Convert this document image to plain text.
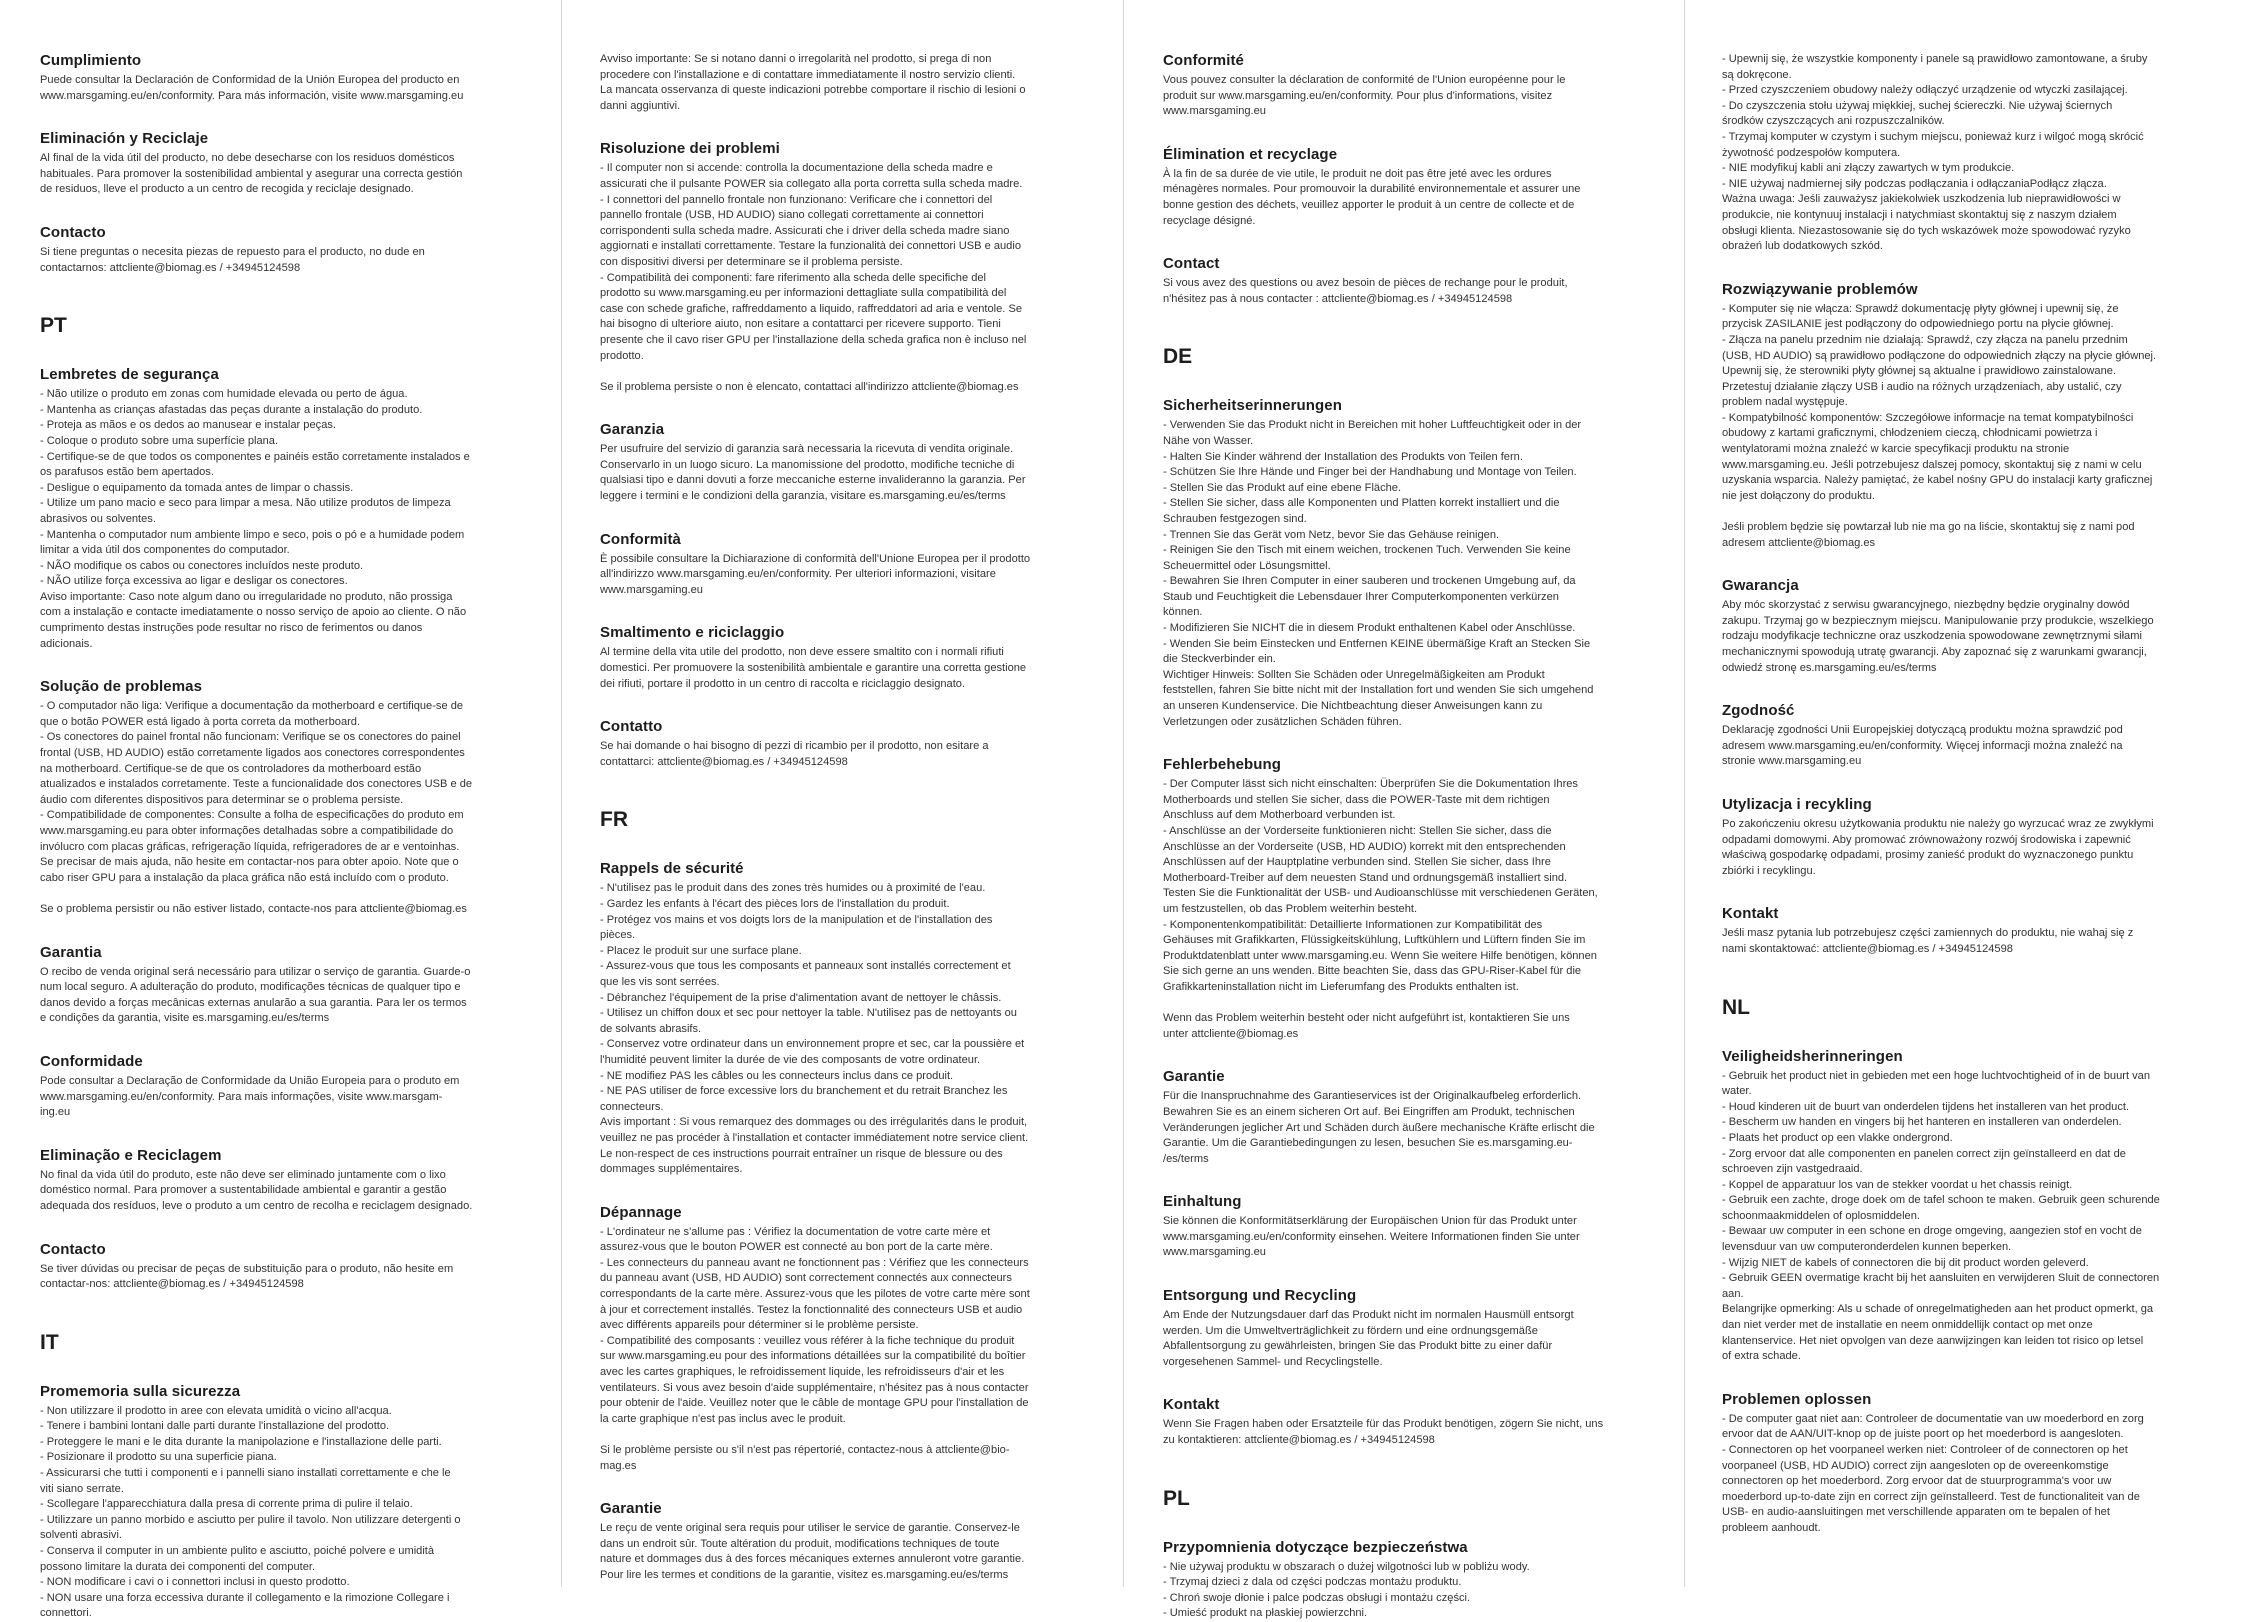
Cumplimiento
Puede consultar la Declaración de Conformidad de la Unión Europea del producto en
www.marsgaming.eu/en/conformity. Para más información, visite www.marsgaming.eu
Eliminación y Reciclaje
Al final de la vida útil del producto, no debe desecharse con los residuos domésticos
habituales. Para promover la sostenibilidad ambiental y asegurar una correcta gestión
de residuos, lleve el producto a un centro de recogida y reciclaje designado.
Contacto
Si tiene preguntas o necesita piezas de repuesto para el producto, no dude en
contactarnos: attcliente@biomag.es / +34945124598
PT
Lembretes de segurança
- Não utilize o produto em zonas com humidade elevada ou perto de água.
- Mantenha as crianças afastadas das peças durante a instalação do produto.
- Proteja as mãos e os dedos ao manusear e instalar peças.
- Coloque o produto sobre uma superfície plana.
- Certifique-se de que todos os componentes e painéis estão corretamente instalados e
os parafusos estão bem apertados.
- Desligue o equipamento da tomada antes de limpar o chassis.
- Utilize um pano macio e seco para limpar a mesa. Não utilize produtos de limpeza
abrasivos ou solventes.
- Mantenha o computador num ambiente limpo e seco, pois o pó e a humidade podem
limitar a vida útil dos componentes do computador.
- NÃO modifique os cabos ou conectores incluídos neste produto.
- NÃO utilize força excessiva ao ligar e desligar os conectores.
Aviso importante: Caso note algum dano ou irregularidade no produto, não prossiga
com a instalação e contacte imediatamente o nosso serviço de apoio ao cliente. O não
cumprimento destas instruções pode resultar no risco de ferimentos ou danos
adicionais.
Solução de problemas
- O computador não liga: Verifique a documentação da motherboard e certifique-se de
que o botão POWER está ligado à porta correta da motherboard.
- Os conectores do painel frontal não funcionam: Verifique se os conectores do painel
frontal (USB, HD AUDIO) estão corretamente ligados aos conectores correspondentes
na motherboard. Certifique-se de que os controladores da motherboard estão
atualizados e instalados corretamente. Teste a funcionalidade dos conectores USB e de
áudio com diferentes dispositivos para determinar se o problema persiste.
- Compatibilidade de componentes: Consulte a folha de especificações do produto em
www.marsgaming.eu para obter informações detalhadas sobre a compatibilidade do
invólucro com placas gráficas, refrigeração líquida, refrigeradores de ar e ventoinhas.
Se precisar de mais ajuda, não hesite em contactar-nos para obter apoio. Note que o
cabo riser GPU para a instalação da placa gráfica não está incluído com o produto.

Se o problema persistir ou não estiver listado, contacte-nos para attcliente@biomag.es
Garantia
O recibo de venda original será necessário para utilizar o serviço de garantia. Guarde-o
num local seguro. A adulteração do produto, modificações técnicas de qualquer tipo e
danos devido a forças mecânicas externas anularão a sua garantia. Para ler os termos
e condições da garantia, visite es.marsgaming.eu/es/terms
Conformidade
Pode consultar a Declaração de Conformidade da União Europeia para o produto em
www.marsgaming.eu/en/conformity. Para mais informações, visite www.marsgam-
ing.eu
Eliminação e Reciclagem
No final da vida útil do produto, este não deve ser eliminado juntamente com o lixo
doméstico normal. Para promover a sustentabilidade ambiental e garantir a gestão
adequada dos resíduos, leve o produto a um centro de recolha e reciclagem designado.
Contacto
Se tiver dúvidas ou precisar de peças de substituição para o produto, não hesite em
contactar-nos: attcliente@biomag.es / +34945124598
IT
Promemoria sulla sicurezza
- Non utilizzare il prodotto in aree con elevata umidità o vicino all'acqua.
- Tenere i bambini lontani dalle parti durante l'installazione del prodotto.
- Proteggere le mani e le dita durante la manipolazione e l'installazione delle parti.
- Posizionare il prodotto su una superficie piana.
- Assicurarsi che tutti i componenti e i pannelli siano installati correttamente e che le
viti siano serrate.
- Scollegare l'apparecchiatura dalla presa di corrente prima di pulire il telaio.
- Utilizzare un panno morbido e asciutto per pulire il tavolo. Non utilizzare detergenti o
solventi abrasivi.
- Conserva il computer in un ambiente pulito e asciutto, poiché polvere e umidità
possono limitare la durata dei componenti del computer.
- NON modificare i cavi o i connettori inclusi in questo prodotto.
- NON usare una forza eccessiva durante il collegamento e la rimozione Collegare i
connettori.
Avviso importante: Se si notano danni o irregolarità nel prodotto, si prega di non
procedere con l'installazione e di contattare immediatamente il nostro servizio clienti.
La mancata osservanza di queste indicazioni potrebbe comportare il rischio di lesioni o
danni aggiuntivi.
Risoluzione dei problemi
- Il computer non si accende: controlla la documentazione della scheda madre e
assicurati che il pulsante POWER sia collegato alla porta corretta sulla scheda madre.
- I connettori del pannello frontale non funzionano: Verificare che i connettori del
pannello frontale (USB, HD AUDIO) siano collegati correttamente ai connettori
corrispondenti sulla scheda madre. Assicurati che i driver della scheda madre siano
aggiornati e installati correttamente. Testare la funzionalità dei connettori USB e audio
con dispositivi diversi per determinare se il problema persiste.
- Compatibilità dei componenti: fare riferimento alla scheda delle specifiche del
prodotto su www.marsgaming.eu per informazioni dettagliate sulla compatibilità del
case con schede grafiche, raffreddamento a liquido, raffreddatori ad aria e ventole. Se
hai bisogno di ulteriore aiuto, non esitare a contattarci per ricevere supporto. Tieni
presente che il cavo riser GPU per l'installazione della scheda grafica non è incluso nel
prodotto.

Se il problema persiste o non è elencato, contattaci all'indirizzo attcliente@biomag.es
Garanzia
Per usufruire del servizio di garanzia sarà necessaria la ricevuta di vendita originale.
Conservarlo in un luogo sicuro. La manomissione del prodotto, modifiche tecniche di
qualsiasi tipo e danni dovuti a forze meccaniche esterne invalideranno la garanzia. Per
leggere i termini e le condizioni della garanzia, visitare es.marsgaming.eu/es/terms
Conformità
È possibile consultare la Dichiarazione di conformità dell'Unione Europea per il prodotto
all'indirizzo www.marsgaming.eu/en/conformity. Per ulteriori informazioni, visitare
www.marsgaming.eu
Smaltimento e riciclaggio
Al termine della vita utile del prodotto, non deve essere smaltito con i normali rifiuti
domestici. Per promuovere la sostenibilità ambientale e garantire una corretta gestione
dei rifiuti, portare il prodotto in un centro di raccolta e riciclaggio designato.
Contatto
Se hai domande o hai bisogno di pezzi di ricambio per il prodotto, non esitare a
contattarci: attcliente@biomag.es / +34945124598
FR
Rappels de sécurité
- N'utilisez pas le produit dans des zones très humides ou à proximité de l'eau.
- Gardez les enfants à l'écart des pièces lors de l'installation du produit.
- Protégez vos mains et vos doigts lors de la manipulation et de l'installation des
pièces.
- Placez le produit sur une surface plane.
- Assurez-vous que tous les composants et panneaux sont installés correctement et
que les vis sont serrées.
- Débranchez l'équipement de la prise d'alimentation avant de nettoyer le châssis.
- Utilisez un chiffon doux et sec pour nettoyer la table. N'utilisez pas de nettoyants ou
de solvants abrasifs.
- Conservez votre ordinateur dans un environnement propre et sec, car la poussière et
l'humidité peuvent limiter la durée de vie des composants de votre ordinateur.
- NE modifiez PAS les câbles ou les connecteurs inclus dans ce produit.
- NE PAS utiliser de force excessive lors du branchement et du retrait Branchez les
connecteurs.
Avis important : Si vous remarquez des dommages ou des irrégularités dans le produit,
veuillez ne pas procéder à l'installation et contacter immédiatement notre service client.
Le non-respect de ces instructions pourrait entraîner un risque de blessure ou des
dommages supplémentaires.
Dépannage
- L'ordinateur ne s'allume pas : Vérifiez la documentation de votre carte mère et
assurez-vous que le bouton POWER est connecté au bon port de la carte mère.
- Les connecteurs du panneau avant ne fonctionnent pas : Vérifiez que les connecteurs
du panneau avant (USB, HD AUDIO) sont correctement connectés aux connecteurs
correspondants de la carte mère. Assurez-vous que les pilotes de votre carte mère sont
à jour et correctement installés. Testez la fonctionnalité des connecteurs USB et audio
avec différents appareils pour déterminer si le problème persiste.
- Compatibilité des composants : veuillez vous référer à la fiche technique du produit
sur www.marsgaming.eu pour des informations détaillées sur la compatibilité du boîtier
avec les cartes graphiques, le refroidissement liquide, les refroidisseurs d'air et les
ventilateurs. Si vous avez besoin d'aide supplémentaire, n'hésitez pas à nous contacter
pour obtenir de l'aide. Veuillez noter que le câble de montage GPU pour l'installation de
la carte graphique n'est pas inclus avec le produit.

Si le problème persiste ou s'il n'est pas répertorié, contactez-nous à attcliente@bio-
mag.es
Garantie
Le reçu de vente original sera requis pour utiliser le service de garantie. Conservez-le
dans un endroit sûr. Toute altération du produit, modifications techniques de toute
nature et dommages dus à des forces mécaniques externes annuleront votre garantie.
Pour lire les termes et conditions de la garantie, visitez es.marsgaming.eu/es/terms
Conformité
Vous pouvez consulter la déclaration de conformité de l'Union européenne pour le
produit sur www.marsgaming.eu/en/conformity. Pour plus d'informations, visitez
www.marsgaming.eu
Élimination et recyclage
À la fin de sa durée de vie utile, le produit ne doit pas être jeté avec les ordures
ménagères normales. Pour promouvoir la durabilité environnementale et assurer une
bonne gestion des déchets, veuillez apporter le produit à un centre de collecte et de
recyclage désigné.
Contact
Si vous avez des questions ou avez besoin de pièces de rechange pour le produit,
n'hésitez pas à nous contacter : attcliente@biomag.es / +34945124598
DE
Sicherheitserinnerungen
- Verwenden Sie das Produkt nicht in Bereichen mit hoher Luftfeuchtigkeit oder in der
Nähe von Wasser.
- Halten Sie Kinder während der Installation des Produkts von Teilen fern.
- Schützen Sie Ihre Hände und Finger bei der Handhabung und Montage von Teilen.
- Stellen Sie das Produkt auf eine ebene Fläche.
- Stellen Sie sicher, dass alle Komponenten und Platten korrekt installiert und die
Schrauben festgezogen sind.
- Trennen Sie das Gerät vom Netz, bevor Sie das Gehäuse reinigen.
- Reinigen Sie den Tisch mit einem weichen, trockenen Tuch. Verwenden Sie keine
Scheuermittel oder Lösungsmittel.
- Bewahren Sie Ihren Computer in einer sauberen und trockenen Umgebung auf, da
Staub und Feuchtigkeit die Lebensdauer Ihrer Computerkomponenten verkürzen
können.
- Modifizieren Sie NICHT die in diesem Produkt enthaltenen Kabel oder Anschlüsse.
- Wenden Sie beim Einstecken und Entfernen KEINE übermäßige Kraft an Stecken Sie
die Steckverbinder ein.
Wichtiger Hinweis: Sollten Sie Schäden oder Unregelmäßigkeiten am Produkt
feststellen, fahren Sie bitte nicht mit der Installation fort und wenden Sie sich umgehend
an unseren Kundenservice. Die Nichtbeachtung dieser Anweisungen kann zu
Verletzungen oder zusätzlichen Schäden führen.
Fehlerbehebung
- Der Computer lässt sich nicht einschalten: Überprüfen Sie die Dokumentation Ihres
Motherboards und stellen Sie sicher, dass die POWER-Taste mit dem richtigen
Anschluss auf dem Motherboard verbunden ist.
- Anschlüsse an der Vorderseite funktionieren nicht: Stellen Sie sicher, dass die
Anschlüsse an der Vorderseite (USB, HD AUDIO) korrekt mit den entsprechenden
Anschlüssen auf der Hauptplatine verbunden sind. Stellen Sie sicher, dass Ihre
Motherboard-Treiber auf dem neuesten Stand und ordnungsgemäß installiert sind.
Testen Sie die Funktionalität der USB- und Audioanschlüsse mit verschiedenen Geräten,
um festzustellen, ob das Problem weiterhin besteht.
- Komponentenkompatibilität: Detaillierte Informationen zur Kompatibilität des
Gehäuses mit Grafikkarten, Flüssigkeitskühlung, Luftkühlern und Lüftern finden Sie im
Produktdatenblatt unter www.marsgaming.eu. Wenn Sie weitere Hilfe benötigen, können
Sie sich gerne an uns wenden. Bitte beachten Sie, dass das GPU-Riser-Kabel für die
Grafikkarteninstallation nicht im Lieferumfang des Produkts enthalten ist.

Wenn das Problem weiterhin besteht oder nicht aufgeführt ist, kontaktieren Sie uns
unter attcliente@biomag.es
Garantie
Für die Inanspruchnahme des Garantieservices ist der Originalkaufbeleg erforderlich.
Bewahren Sie es an einem sicheren Ort auf. Bei Eingriffen am Produkt, technischen
Veränderungen jeglicher Art und Schäden durch äußere mechanische Kräfte erlischt die
Garantie. Um die Garantiebedingungen zu lesen, besuchen Sie es.marsgaming.eu-
/es/terms
Einhaltung
Sie können die Konformitätserklärung der Europäischen Union für das Produkt unter
www.marsgaming.eu/en/conformity einsehen. Weitere Informationen finden Sie unter
www.marsgaming.eu
Entsorgung und Recycling
Am Ende der Nutzungsdauer darf das Produkt nicht im normalen Hausmüll entsorgt
werden. Um die Umweltverträglichkeit zu fördern und eine ordnungsgemäße
Abfallentsorgung zu gewährleisten, bringen Sie das Produkt bitte zu einer dafür
vorgesehenen Sammel- und Recyclingstelle.
Kontakt
Wenn Sie Fragen haben oder Ersatzteile für das Produkt benötigen, zögern Sie nicht, uns
zu kontaktieren: attcliente@biomag.es / +34945124598
PL
Przypomnienia dotyczące bezpieczeństwa
- Nie używaj produktu w obszarach o dużej wilgotności lub w pobliżu wody.
- Trzymaj dzieci z dala od części podczas montażu produktu.
- Chroń swoje dłonie i palce podczas obsługi i montażu części.
- Umieść produkt na płaskiej powierzchni.
- Upewnij się, że wszystkie komponenty i panele są prawidłowo zamontowane, a śruby
są dokręcone.
- Przed czyszczeniem obudowy należy odłączyć urządzenie od wtyczki zasilającej.
- Do czyszczenia stołu używaj miękkiej, suchej ściereczki. Nie używaj ściernych
środków czyszczących ani rozpuszczalników.
- Trzymaj komputer w czystym i suchym miejscu, ponieważ kurz i wilgoć mogą skrócić
żywotność podzespołów komputera.
- NIE modyfikuj kabli ani złączy zawartych w tym produkcie.
- NIE używaj nadmiernej siły podczas podłączania i odłączaniaPodłącz złącza.
Ważna uwaga: Jeśli zauważysz jakiekolwiek uszkodzenia lub nieprawidłowości w
produkcie, nie kontynuuj instalacji i natychmiast skontaktuj się z naszym działem
obsługi klienta. Niezastosowanie się do tych wskazówek może spowodować ryzyko
obrażeń lub dodatkowych szkód.
Rozwiązywanie problemów
- Komputer się nie włącza: Sprawdź dokumentację płyty głównej i upewnij się, że
przycisk ZASILANIE jest podłączony do odpowiedniego portu na płycie głównej.
- Złącza na panelu przednim nie działają: Sprawdź, czy złącza na panelu przednim
(USB, HD AUDIO) są prawidłowo podłączone do odpowiednich złączy na płycie głównej.
Upewnij się, że sterowniki płyty głównej są aktualne i prawidłowo zainstalowane.
Przetestuj działanie złączy USB i audio na różnych urządzeniach, aby ustalić, czy
problem nadal występuje.
- Kompatybilność komponentów: Szczegółowe informacje na temat kompatybilności
obudowy z kartami graficznymi, chłodzeniem cieczą, chłodnicami powietrza i
wentylatorami można znaleźć w karcie specyfikacji produktu na stronie
www.marsgaming.eu. Jeśli potrzebujesz dalszej pomocy, skontaktuj się z nami w celu
uzyskania wsparcia. Należy pamiętać, że kabel nośny GPU do instalacji karty graficznej
nie jest dołączony do produktu.

Jeśli problem będzie się powtarzał lub nie ma go na liście, skontaktuj się z nami pod
adresem attcliente@biomag.es
Gwarancja
Aby móc skorzystać z serwisu gwarancyjnego, niezbędny będzie oryginalny dowód
zakupu. Trzymaj go w bezpiecznym miejscu. Manipulowanie przy produkcie, wszelkiego
rodzaju modyfikacje techniczne oraz uszkodzenia spowodowane zewnętrznymi siłami
mechanicznymi spowodują utratę gwarancji. Aby zapoznać się z warunkami gwarancji,
odwiedź stronę es.marsgaming.eu/es/terms
Zgodność
Deklarację zgodności Unii Europejskiej dotyczącą produktu można sprawdzić pod
adresem www.marsgaming.eu/en/conformity. Więcej informacji można znaleźć na
stronie www.marsgaming.eu
Utylizacja i recykling
Po zakończeniu okresu użytkowania produktu nie należy go wyrzucać wraz ze zwykłymi
odpadami domowymi. Aby promować zrównoważony rozwój środowiska i zapewnić
właściwą gospodarkę odpadami, prosimy zanieść produkt do wyznaczonego punktu
zbiórki i recyklingu.
Kontakt
Jeśli masz pytania lub potrzebujesz części zamiennych do produktu, nie wahaj się z
nami skontaktować: attcliente@biomag.es / +34945124598
NL
Veiligheidsherinneringen
- Gebruik het product niet in gebieden met een hoge luchtvochtigheid of in de buurt van
water.
- Houd kinderen uit de buurt van onderdelen tijdens het installeren van het product.
- Bescherm uw handen en vingers bij het hanteren en installeren van onderdelen.
- Plaats het product op een vlakke ondergrond.
- Zorg ervoor dat alle componenten en panelen correct zijn geïnstalleerd en dat de
schroeven zijn vastgedraaid.
- Koppel de apparatuur los van de stekker voordat u het chassis reinigt.
- Gebruik een zachte, droge doek om de tafel schoon te maken. Gebruik geen schurende
schoonmaakmiddelen of oplosmiddelen.
- Bewaar uw computer in een schone en droge omgeving, aangezien stof en vocht de
levensduur van uw computeronderdelen kunnen beperken.
- Wijzig NIET de kabels of connectoren die bij dit product worden geleverd.
- Gebruik GEEN overmatige kracht bij het aansluiten en verwijderen Sluit de connectoren
aan.
Belangrijke opmerking: Als u schade of onregelmatigheden aan het product opmerkt, ga
dan niet verder met de installatie en neem onmiddellijk contact op met onze
klantenservice. Het niet opvolgen van deze aanwijzingen kan leiden tot risico op letsel
of extra schade.
Problemen oplossen
- De computer gaat niet aan: Controleer de documentatie van uw moederbord en zorg
ervoor dat de AAN/UIT-knop op de juiste poort op het moederbord is aangesloten.
- Connectoren op het voorpaneel werken niet: Controleer of de connectoren op het
voorpaneel (USB, HD AUDIO) correct zijn aangesloten op de overeenkomstige
connectoren op het moederbord. Zorg ervoor dat de stuurprogramma's voor uw
moederbord up-to-date zijn en correct zijn geïnstalleerd. Test de functionaliteit van de
USB- en audio-aansluitingen met verschillende apparaten om te bepalen of het
probleem aanhoudt.
